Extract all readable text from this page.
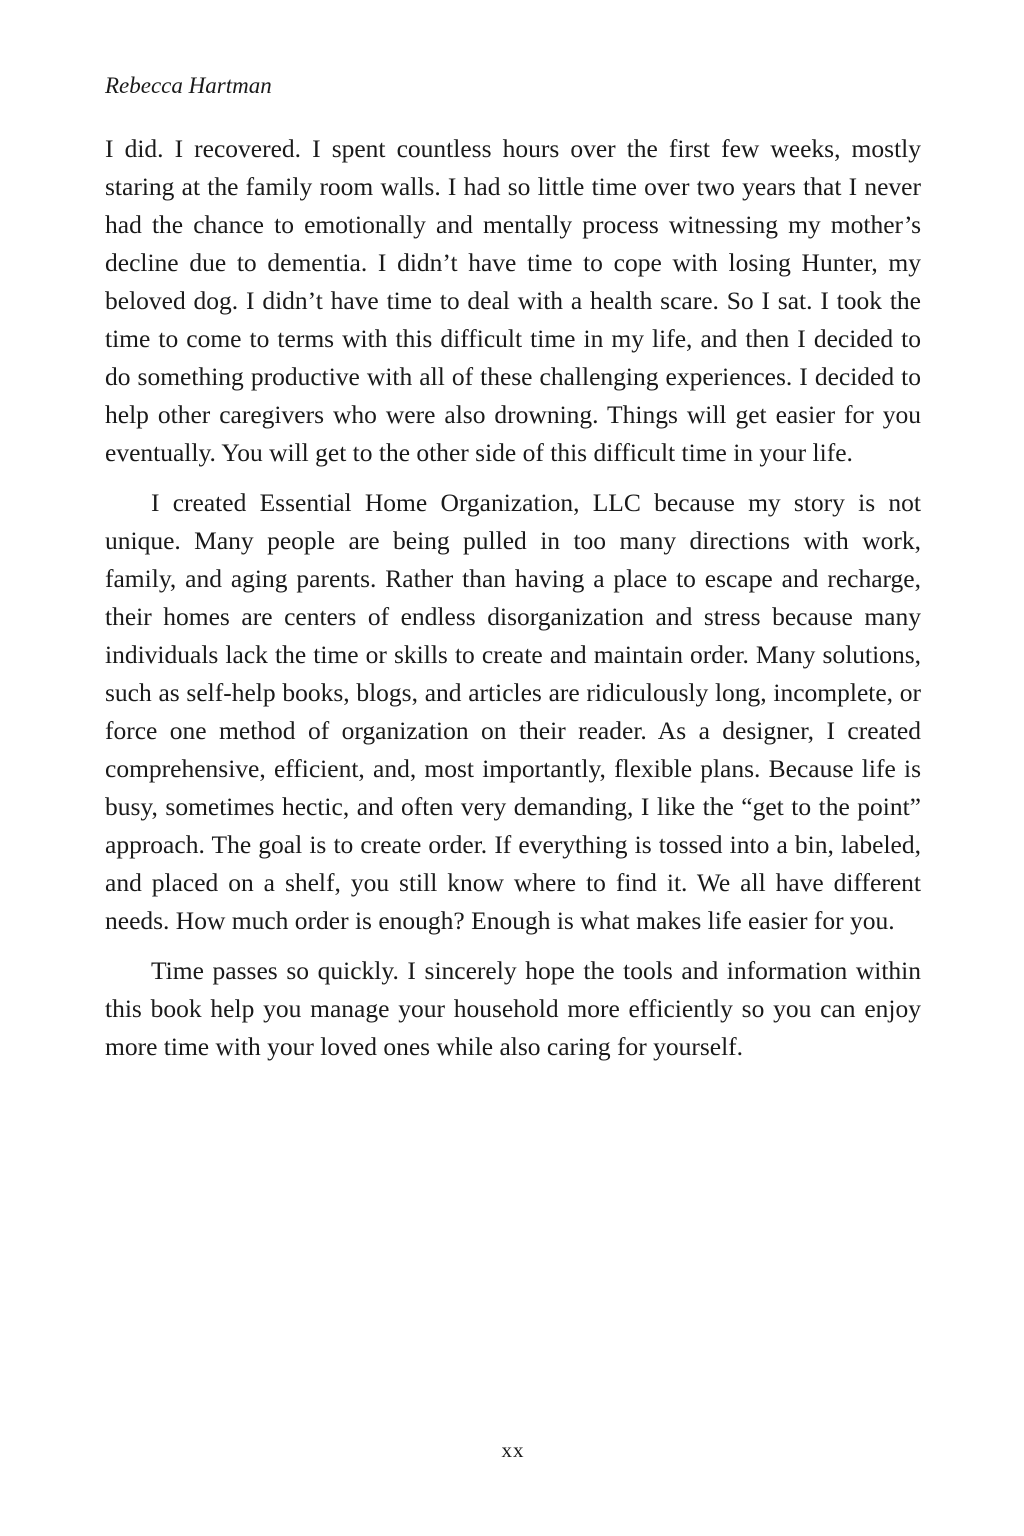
Rebecca Hartman

I did. I recovered. I spent countless hours over the first few weeks, mostly staring at the family room walls. I had so little time over two years that I never had the chance to emotionally and mentally process witnessing my mother’s decline due to dementia. I didn’t have time to cope with losing Hunter, my beloved dog. I didn’t have time to deal with a health scare. So I sat. I took the time to come to terms with this difficult time in my life, and then I decided to do something productive with all of these challenging experiences. I decided to help other caregivers who were also drowning. Things will get easier for you eventually. You will get to the other side of this difficult time in your life.

I created Essential Home Organization, LLC because my story is not unique. Many people are being pulled in too many directions with work, family, and aging parents. Rather than having a place to escape and recharge, their homes are centers of endless disorganization and stress because many individuals lack the time or skills to create and maintain order. Many solutions, such as self-help books, blogs, and articles are ridiculously long, incomplete, or force one method of organization on their reader. As a designer, I created comprehensive, efficient, and, most importantly, flexible plans. Because life is busy, sometimes hectic, and often very demanding, I like the “get to the point” approach. The goal is to create order. If everything is tossed into a bin, labeled, and placed on a shelf, you still know where to find it. We all have different needs. How much order is enough? Enough is what makes life easier for you.

Time passes so quickly. I sincerely hope the tools and information within this book help you manage your household more efficiently so you can enjoy more time with your loved ones while also caring for yourself.

xx
